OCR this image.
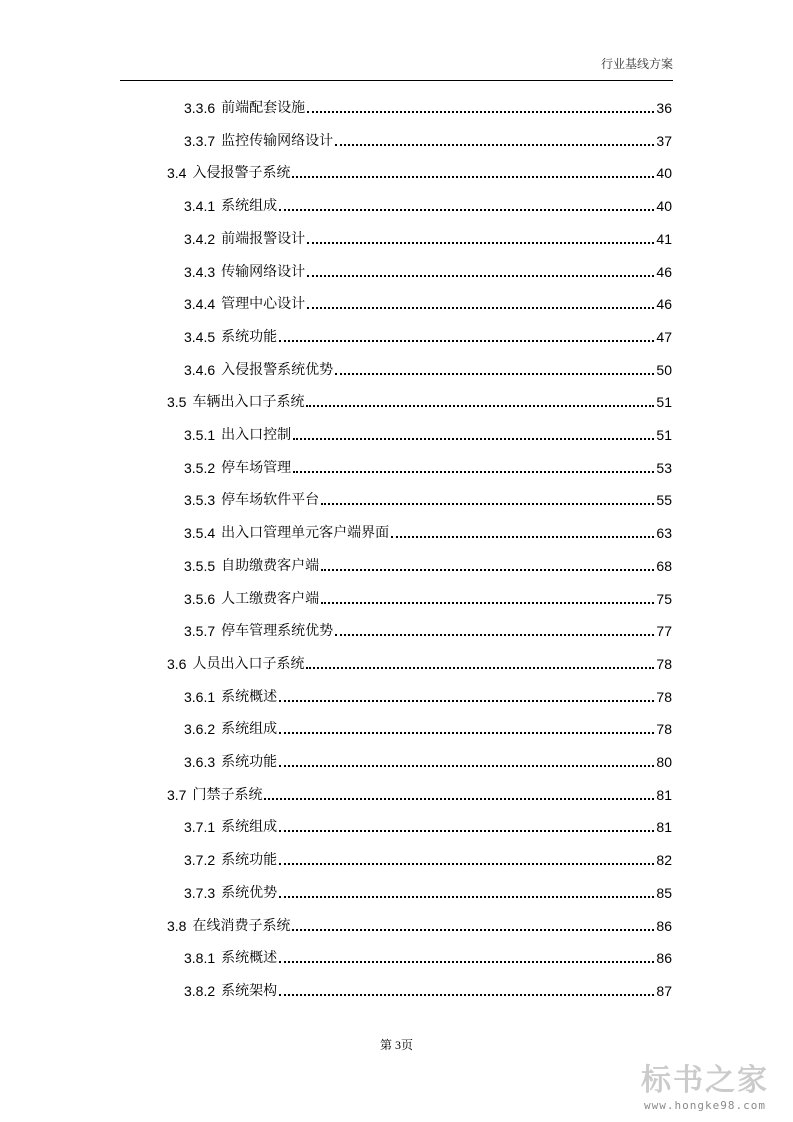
行业基线方案
3.3.6 前端配套设施	36
3.3.7 监控传输网络设计	37
3.4 入侵报警子系统	40
3.4.1 系统组成	40
3.4.2 前端报警设计	41
3.4.3 传输网络设计	46
3.4.4 管理中心设计	46
3.4.5 系统功能	47
3.4.6 入侵报警系统优势	50
3.5 车辆出入口子系统	51
3.5.1 出入口控制	51
3.5.2 停车场管理	53
3.5.3 停车场软件平台	55
3.5.4 出入口管理单元客户端界面	63
3.5.5 自助缴费客户端	68
3.5.6 人工缴费客户端	75
3.5.7 停车管理系统优势	77
3.6 人员出入口子系统	78
3.6.1 系统概述	78
3.6.2 系统组成	78
3.6.3 系统功能	80
3.7 门禁子系统	81
3.7.1 系统组成	81
3.7.2 系统功能	82
3.7.3 系统优势	85
3.8 在线消费子系统	86
3.8.1 系统概述	86
3.8.2 系统架构	87
第 3页
标书之家
www.hongke98.com
